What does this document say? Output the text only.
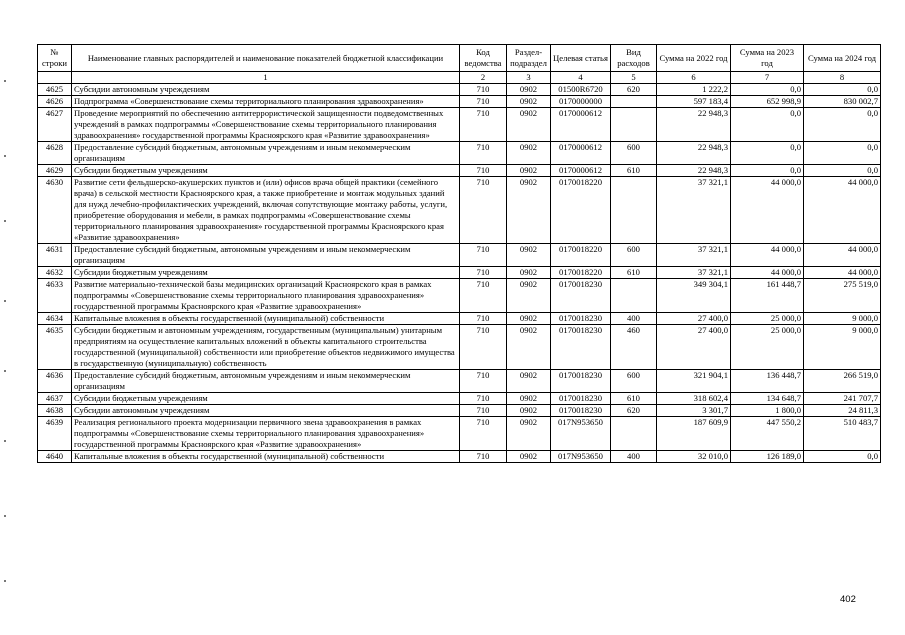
№ строки	Наименование главных распорядителей и наименование показателей бюджетной классификации	Код ведомства	Раздел-подраздел	Целевая статья	Вид расходов	Сумма на 2022 год	Сумма на 2023 год	Сумма на 2024 год
	1	2	3	4	5	6	7	8
4625	Субсидии автономным учреждениям	710	0902	01500R6720	620	1 222,2	0,0	0,0
4626	Подпрограмма «Совершенствование схемы территориального планирования здравоохранения»	710	0902	0170000000		597 183,4	652 998,9	830 002,7
4627	Проведение мероприятий по обеспечению антитеррористической защищенности подведомственных учреждений в рамках подпрограммы «Совершенствование схемы территориального планирования здравоохранения» государственной программы Красноярского края «Развитие здравоохранения»	710	0902	0170000612		22 948,3	0,0	0,0
4628	Предоставление субсидий бюджетным, автономным учреждениям и иным некоммерческим организациям	710	0902	0170000612	600	22 948,3	0,0	0,0
4629	Субсидии бюджетным учреждениям	710	0902	0170000612	610	22 948,3	0,0	0,0
4630	Развитие сети фельдшерско-акушерских пунктов и (или) офисов врача общей практики (семейного врача) в сельской местности Красноярского края, а также приобретение и монтаж модульных зданий для нужд лечебно-профилактических учреждений, включая сопутствующие монтажу работы, услуги, приобретение оборудования и мебели, в рамках подпрограммы «Совершенствование схемы территориального планирования здравоохранения» государственной программы Красноярского края «Развитие здравоохранения»	710	0902	0170018220		37 321,1	44 000,0	44 000,0
4631	Предоставление субсидий бюджетным, автономным учреждениям и иным некоммерческим организациям	710	0902	0170018220	600	37 321,1	44 000,0	44 000,0
4632	Субсидии бюджетным учреждениям	710	0902	0170018220	610	37 321,1	44 000,0	44 000,0
4633	Развитие материально-технической базы медицинских организаций Красноярского края в рамках подпрограммы «Совершенствование схемы территориального планирования здравоохранения» государственной программы Красноярского края «Развитие здравоохранения»	710	0902	0170018230		349 304,1	161 448,7	275 519,0
4634	Капитальные вложения в объекты государственной (муниципальной) собственности	710	0902	0170018230	400	27 400,0	25 000,0	9 000,0
4635	Субсидии бюджетным и автономным учреждениям, государственным (муниципальным) унитарным предприятиям на осуществление капитальных вложений в объекты капитального строительства государственной (муниципальной) собственности или приобретение объектов недвижимого имущества в государственную (муниципальную) собственность	710	0902	0170018230	460	27 400,0	25 000,0	9 000,0
4636	Предоставление субсидий бюджетным, автономным учреждениям и иным некоммерческим организациям	710	0902	0170018230	600	321 904,1	136 448,7	266 519,0
4637	Субсидии бюджетным учреждениям	710	0902	0170018230	610	318 602,4	134 648,7	241 707,7
4638	Субсидии автономным учреждениям	710	0902	0170018230	620	3 301,7	1 800,0	24 811,3
4639	Реализация регионального проекта модернизации первичного звена здравоохранения в рамках подпрограммы «Совершенствование схемы территориального планирования здравоохранения» государственной программы Красноярского края «Развитие здравоохранения»	710	0902	017N953650		187 609,9	447 550,2	510 483,7
4640	Капитальные вложения в объекты государственной (муниципальной) собственности	710	0902	017N953650	400	32 010,0	126 189,0	0,0
402
